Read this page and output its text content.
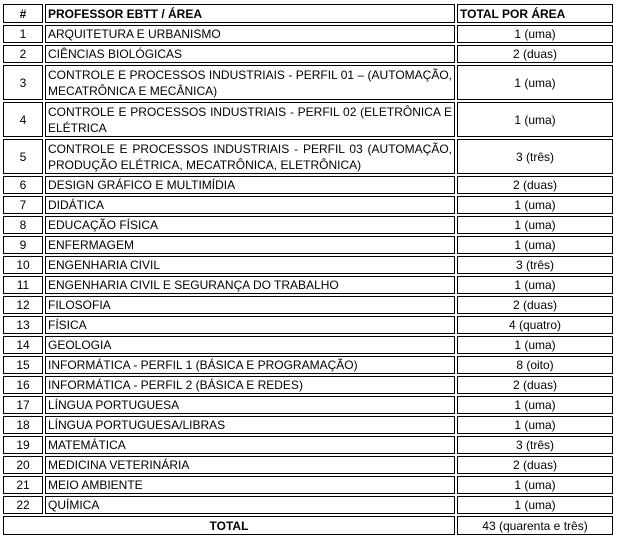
#	PROFESSOR EBTT / ÁREA	TOTAL POR ÁREA
1	ARQUITETURA E URBANISMO	1 (uma)
2	CIÊNCIAS BIOLÓGICAS	2 (duas)
3	CONTROLE E PROCESSOS INDUSTRIAIS - PERFIL 01 – (AUTOMAÇÃO, MECATRÔNICA E MECÂNICA)	1 (uma)
4	CONTROLE E PROCESSOS INDUSTRIAIS - PERFIL 02 (ELETRÔNICA E ELÉTRICA	1 (uma)
5	CONTROLE E PROCESSOS INDUSTRIAIS - PERFIL 03 (AUTOMAÇÃO, PRODUÇÃO ELÉTRICA, MECATRÔNICA, ELETRÔNICA)	3 (três)
6	DESIGN GRÁFICO E MULTIMÍDIA	2 (duas)
7	DIDÁTICA	1 (uma)
8	EDUCAÇÃO FÍSICA	1 (uma)
9	ENFERMAGEM	1 (uma)
10	ENGENHARIA CIVIL	3 (três)
11	ENGENHARIA CIVIL E SEGURANÇA DO TRABALHO	1 (uma)
12	FILOSOFIA	2 (duas)
13	FÍSICA	4 (quatro)
14	GEOLOGIA	1 (uma)
15	INFORMÁTICA - PERFIL 1 (BÁSICA E PROGRAMAÇÃO)	8 (oito)
16	INFORMÁTICA - PERFIL 2 (BÁSICA E REDES)	2 (duas)
17	LÍNGUA PORTUGUESA	1 (uma)
18	LÍNGUA PORTUGUESA/LIBRAS	1 (uma)
19	MATEMÁTICA	3 (três)
20	MEDICINA VETERINÁRIA	2 (duas)
21	MEIO AMBIENTE	1 (uma)
22	QUÍMICA	1 (uma)
TOTAL		43 (quarenta e três)
